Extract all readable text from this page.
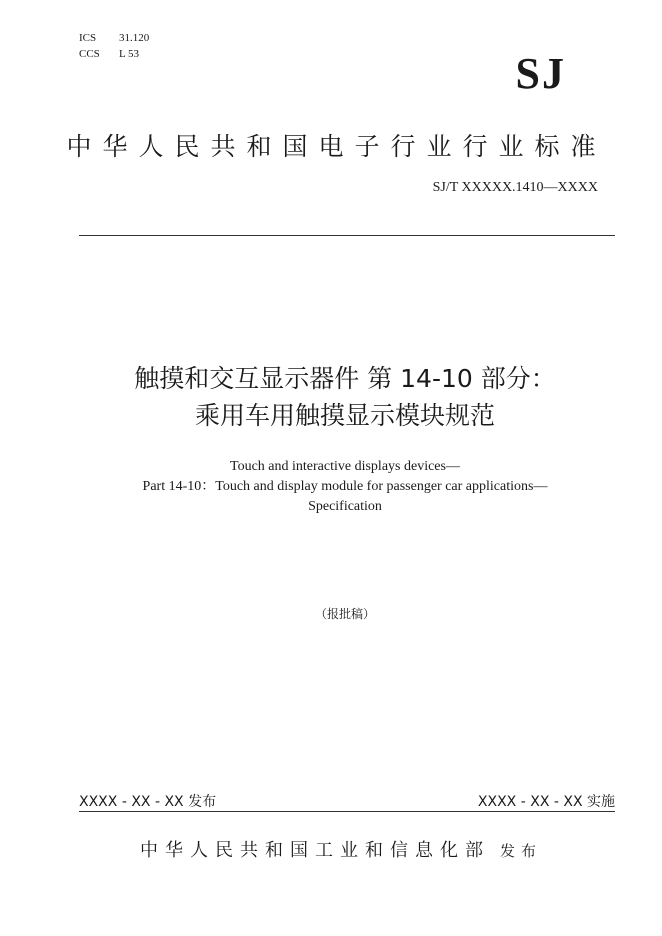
ICS 31.120
CCS L 53	SJ
中华人民共和国电子行业行业标准
SJ/T XXXXX.1410—XXXX
触摸和交互显示器件 第 14-10 部分：
乘用车用触摸显示模块规范
Touch and interactive displays devices—
Part 14-10：Touch and display module for passenger car applications—
Specification
（报批稿）
XXXX - XX - XX 发布	XXXX - XX - XX 实施
中华人民共和国工业和信息化部 发布
